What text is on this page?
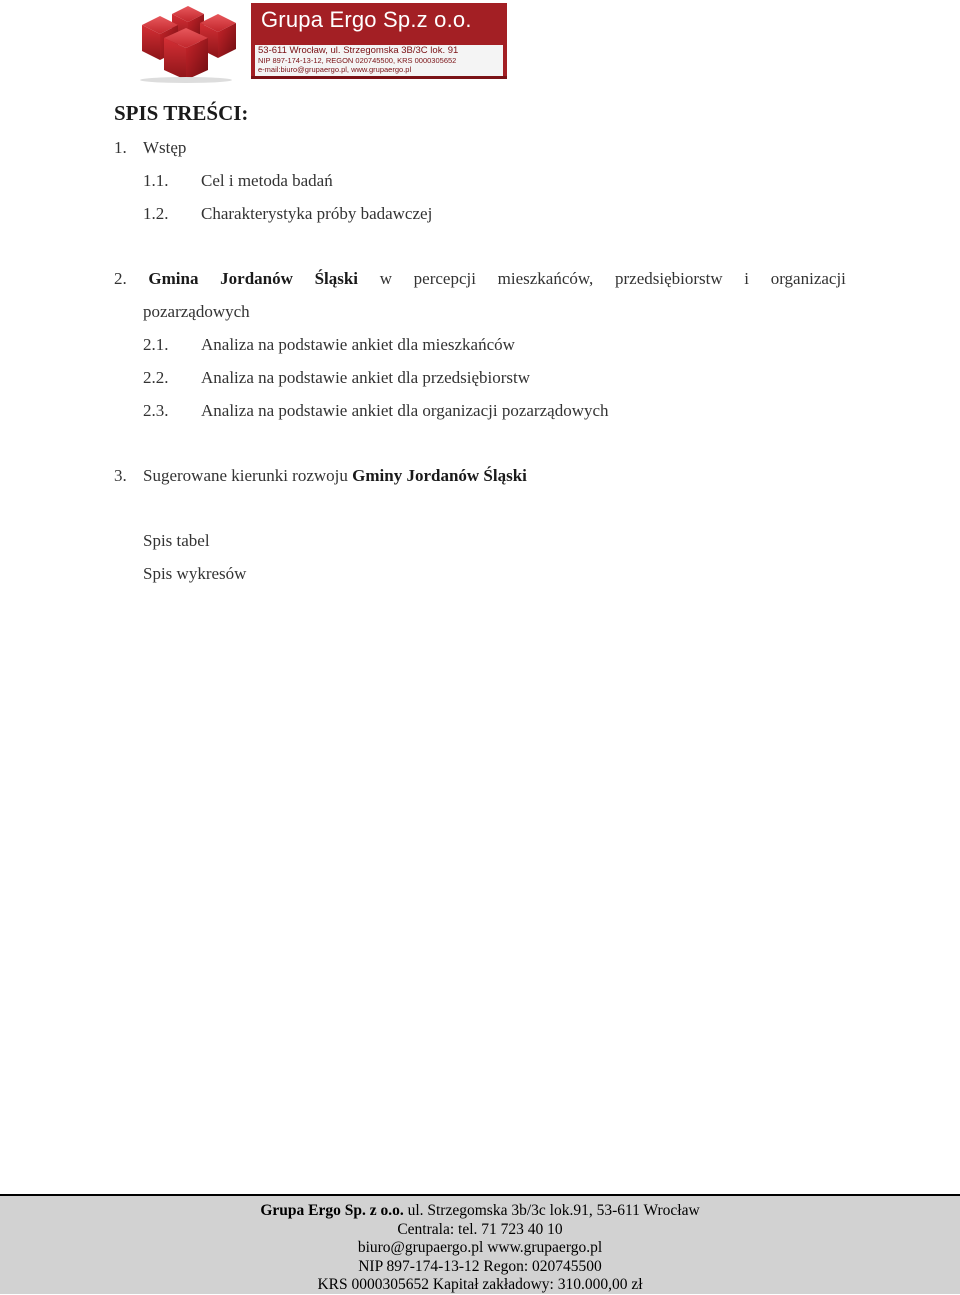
Grupa Ergo Sp.z o.o.
53-611 Wrocław, ul. Strzegomska 3B/3C lok. 91
NIP 897-174-13-12, REGON 020745500, KRS 0000305652
e-mail:biuro@grupaergo.pl, www.grupaergo.pl
SPIS TREŚCI:
1. Wstęp
1.1. Cel i metoda badań
1.2. Charakterystyka próby badawczej
2. Gmina Jordanów Śląski w percepcji mieszkańców, przedsiębiorstw i organizacji
pozarządowych
2.1. Analiza na podstawie ankiet dla mieszkańców
2.2. Analiza na podstawie ankiet dla przedsiębiorstw
2.3. Analiza na podstawie ankiet dla organizacji pozarządowych
3. Sugerowane kierunki rozwoju Gminy Jordanów Śląski
Spis tabel
Spis wykresów
Grupa Ergo Sp. z o.o. ul. Strzegomska 3b/3c lok.91, 53-611 Wrocław
Centrala: tel. 71 723 40 10
biuro@grupaergo.pl www.grupaergo.pl
NIP 897-174-13-12 Regon: 020745500
KRS 0000305652 Kapitał zakładowy: 310.000,00 zł
